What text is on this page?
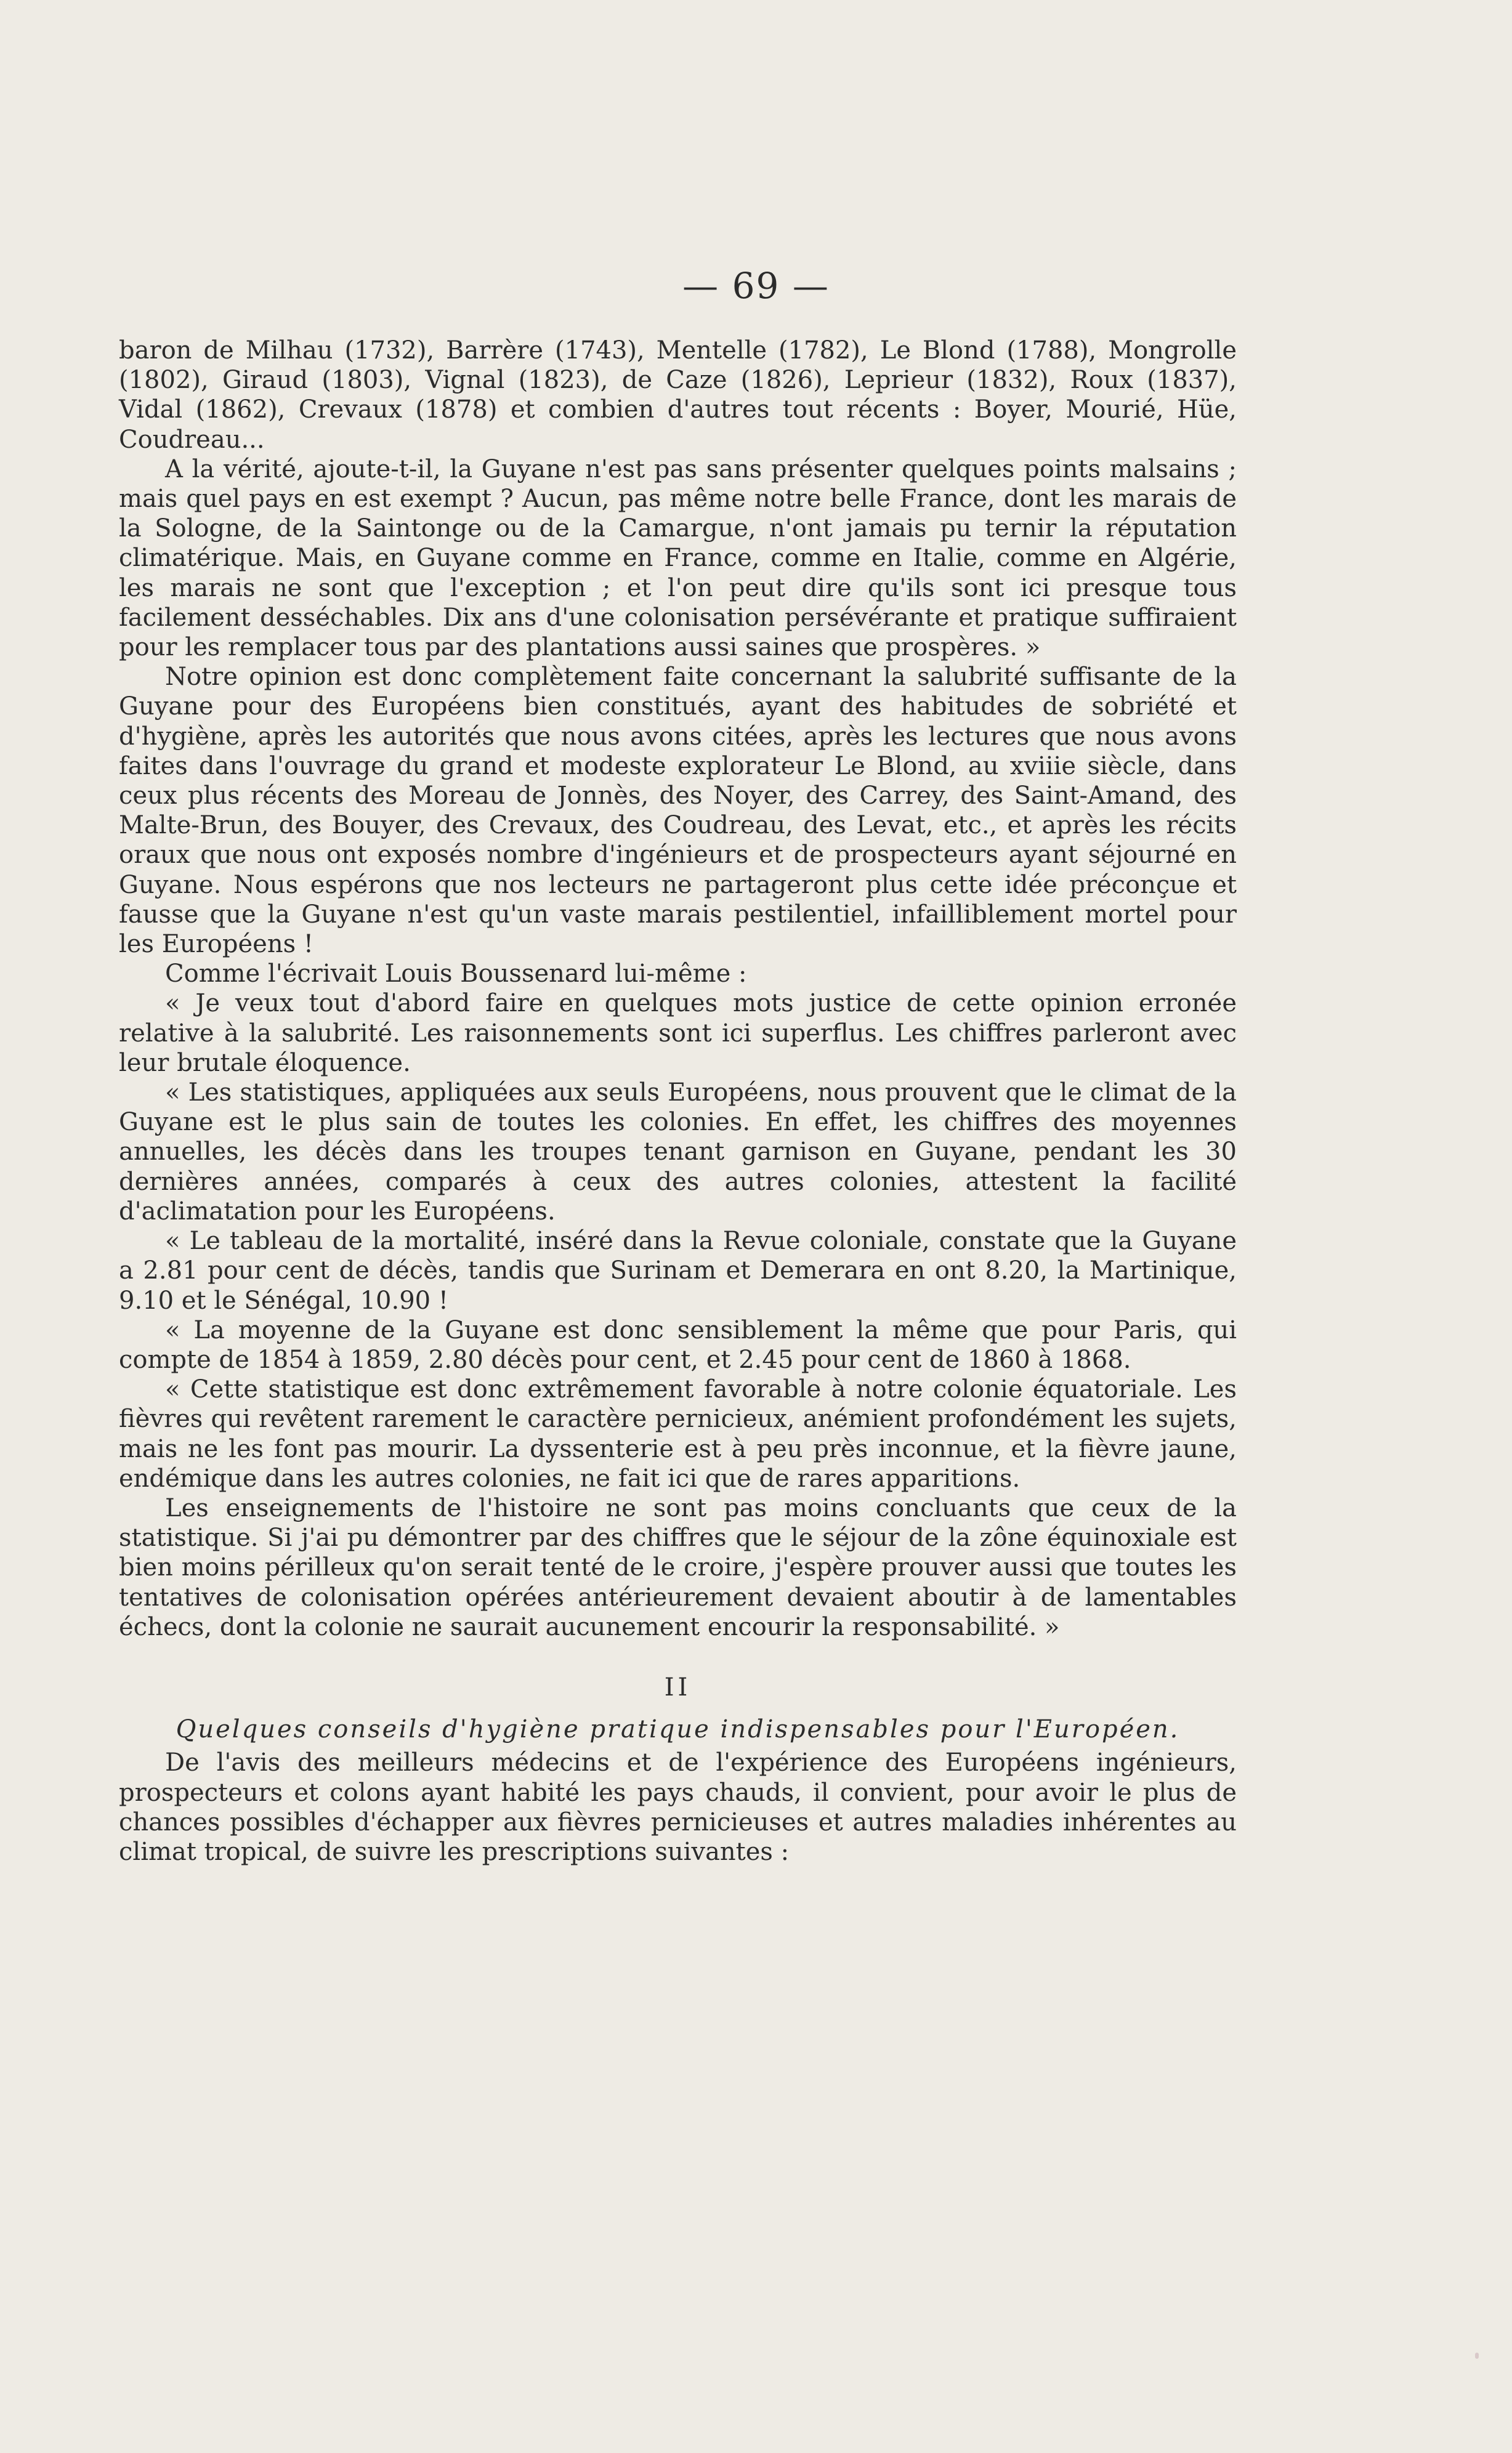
— 69 —

baron de Milhau (1732), Barrère (1743), Mentelle (1782), Le Blond (1788), Mongrolle (1802), Giraud (1803), Vignal (1823), de Caze (1826), Leprieur (1832), Roux (1837), Vidal (1862), Crevaux (1878) et combien d'autres tout récents : Boyer, Mourié, Hüe, Coudreau...

A la vérité, ajoute-t-il, la Guyane n'est pas sans présenter quelques points malsains ; mais quel pays en est exempt ? Aucun, pas même notre belle France, dont les marais de la Sologne, de la Saintonge ou de la Camargue, n'ont jamais pu ternir la réputation climatérique. Mais, en Guyane comme en France, comme en Italie, comme en Algérie, les marais ne sont que l'exception ; et l'on peut dire qu'ils sont ici presque tous facilement desséchables. Dix ans d'une colonisation persévérante et pratique suffiraient pour les remplacer tous par des plantations aussi saines que prospères. »

Notre opinion est donc complètement faite concernant la salubrité suffisante de la Guyane pour des Européens bien constitués, ayant des habitudes de sobriété et d'hygiène, après les autorités que nous avons citées, après les lectures que nous avons faites dans l'ouvrage du grand et modeste explorateur Le Blond, au xviiie siècle, dans ceux plus récents des Moreau de Jonnès, des Noyer, des Carrey, des Saint-Amand, des Malte-Brun, des Bouyer, des Crevaux, des Coudreau, des Levat, etc., et après les récits oraux que nous ont exposés nombre d'ingénieurs et de prospecteurs ayant séjourné en Guyane. Nous espérons que nos lecteurs ne partageront plus cette idée préconçue et fausse que la Guyane n'est qu'un vaste marais pestilentiel, infailliblement mortel pour les Européens !

Comme l'écrivait Louis Boussenard lui-même :

« Je veux tout d'abord faire en quelques mots justice de cette opinion erronée relative à la salubrité. Les raisonnements sont ici superflus. Les chiffres parleront avec leur brutale éloquence.

« Les statistiques, appliquées aux seuls Européens, nous prouvent que le climat de la Guyane est le plus sain de toutes les colonies. En effet, les chiffres des moyennes annuelles, les décès dans les troupes tenant garnison en Guyane, pendant les 30 dernières années, comparés à ceux des autres colonies, attestent la facilité d'aclimatation pour les Européens.

« Le tableau de la mortalité, inséré dans la Revue coloniale, constate que la Guyane a 2.81 pour cent de décès, tandis que Surinam et Demerara en ont 8.20, la Martinique, 9.10 et le Sénégal, 10.90 !

« La moyenne de la Guyane est donc sensiblement la même que pour Paris, qui compte de 1854 à 1859, 2.80 décès pour cent, et 2.45 pour cent de 1860 à 1868.

« Cette statistique est donc extrêmement favorable à notre colonie équatoriale. Les fièvres qui revêtent rarement le caractère pernicieux, anémient profondément les sujets, mais ne les font pas mourir. La dyssenterie est à peu près inconnue, et la fièvre jaune, endémique dans les autres colonies, ne fait ici que de rares apparitions.

Les enseignements de l'histoire ne sont pas moins concluants que ceux de la statistique. Si j'ai pu démontrer par des chiffres que le séjour de la zône équinoxiale est bien moins périlleux qu'on serait tenté de le croire, j'espère prouver aussi que toutes les tentatives de colonisation opérées antérieurement devaient aboutir à de lamentables échecs, dont la colonie ne saurait aucunement encourir la responsabilité. »

II

Quelques conseils d'hygiène pratique indispensables pour l'Européen.

De l'avis des meilleurs médecins et de l'expérience des Européens ingénieurs, prospecteurs et colons ayant habité les pays chauds, il convient, pour avoir le plus de chances possibles d'échapper aux fièvres pernicieuses et autres maladies inhérentes au climat tropical, de suivre les prescriptions suivantes :
